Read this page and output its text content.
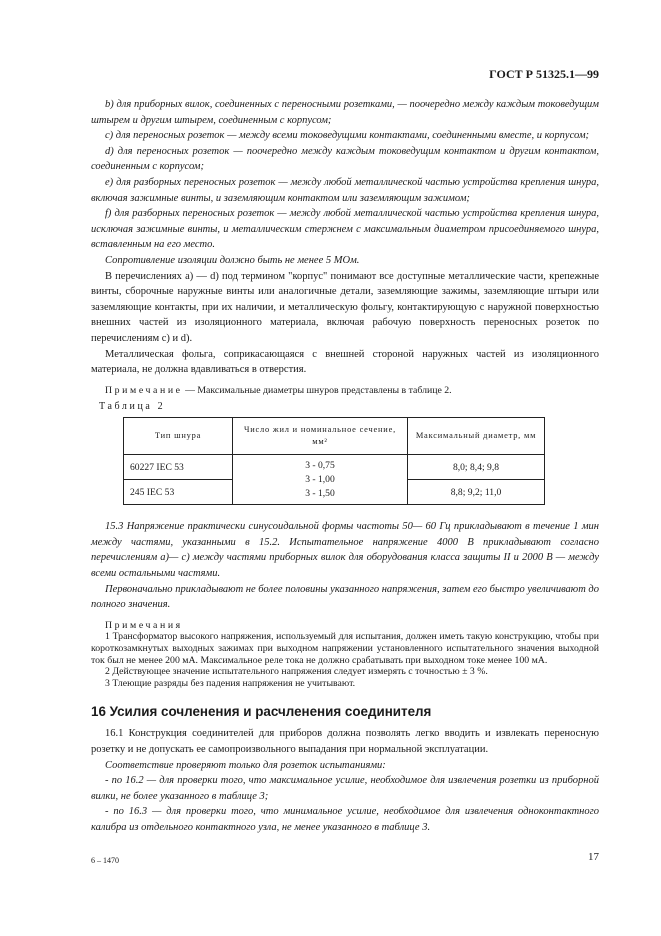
ГОСТ Р 51325.1—99

b) для приборных вилок, соединенных с переносными розетками, — поочередно между каждым токоведущим штырем и другим штырем, соединенным с корпусом;

c) для переносных розеток — между всеми токоведущими контактами, соединенными вместе, и корпусом;

d) для переносных розеток — поочередно между каждым токоведущим контактом и другим контактом, соединенным с корпусом;

e) для разборных переносных розеток — между любой металлической частью устройства крепления шнура, включая зажимные винты, и заземляющим контактом или заземляющим зажимом;

f) для разборных переносных розеток — между любой металлической частью устройства крепления шнура, исключая зажимные винты, и металлическим стержнем с максимальным диаметром присоединяемого шнура, вставленным на его место.

Сопротивление изоляции должно быть не менее 5 МОм.

В перечислениях а) — d) под термином "корпус" понимают все доступные металлические части, крепежные винты, сборочные наружные винты или аналогичные детали, заземляющие зажимы, заземляющие штыри или заземляющие контакты, при их наличии, и металлическую фольгу, контактирующую с наружной поверхностью внешних частей из изоляционного материала, включая рабочую поверхность переносных розеток по перечислениям с) и d).

Металлическая фольга, соприкасающаяся с внешней стороной наружных частей из изоляционного материала, не должна вдавливаться в отверстия.

Примечание — Максимальные диаметры шнуров представлены в таблице 2.

Таблица 2
Тип шнура	Число жил и номинальное сечение, мм²	Максимальный диаметр, мм
60227 IEC 53	3 - 0,75
3 - 1,00
3 - 1,50	8,0; 8,4; 9,8
245 IEC 53		8,8; 9,2; 11,0

15.3 Напряжение практически синусоидальной формы частоты 50— 60 Гц прикладывают в течение 1 мин между частями, указанными в 15.2. Испытательное напряжение 4000 В прикладывают согласно перечислениям а)— с) между частями приборных вилок для оборудования класса защиты II и 2000 В — между всеми остальными частями.

Первоначально прикладывают не более половины указанного напряжения, затем его быстро увеличивают до полного значения.

Примечания

1 Трансформатор высокого напряжения, используемый для испытания, должен иметь такую конструкцию, чтобы при короткозамкнутых выходных зажимах при выходном напряжении установленного испытательного значения выходной ток был не менее 200 мА. Максимальное реле тока не должно срабатывать при выходном токе менее 100 мА.

2 Действующее значение испытательного напряжения следует измерять с точностью ± 3 %.

3 Тлеющие разряды без падения напряжения не учитывают.

16 Усилия сочленения и расчленения соединителя

16.1 Конструкция соединителей для приборов должна позволять легко вводить и извлекать переносную розетку и не допускать ее самопроизвольного выпадания при нормальной эксплуатации.

Соответствие проверяют только для розеток испытаниями:

- по 16.2 — для проверки того, что максимальное усилие, необходимое для извлечения розетки из приборной вилки, не более указанного в таблице 3;

- по 16.3 — для проверки того, что минимальное усилие, необходимое для извлечения одноконтактного калибра из отдельного контактного узла, не менее указанного в таблице 3.

6 – 1470	17
